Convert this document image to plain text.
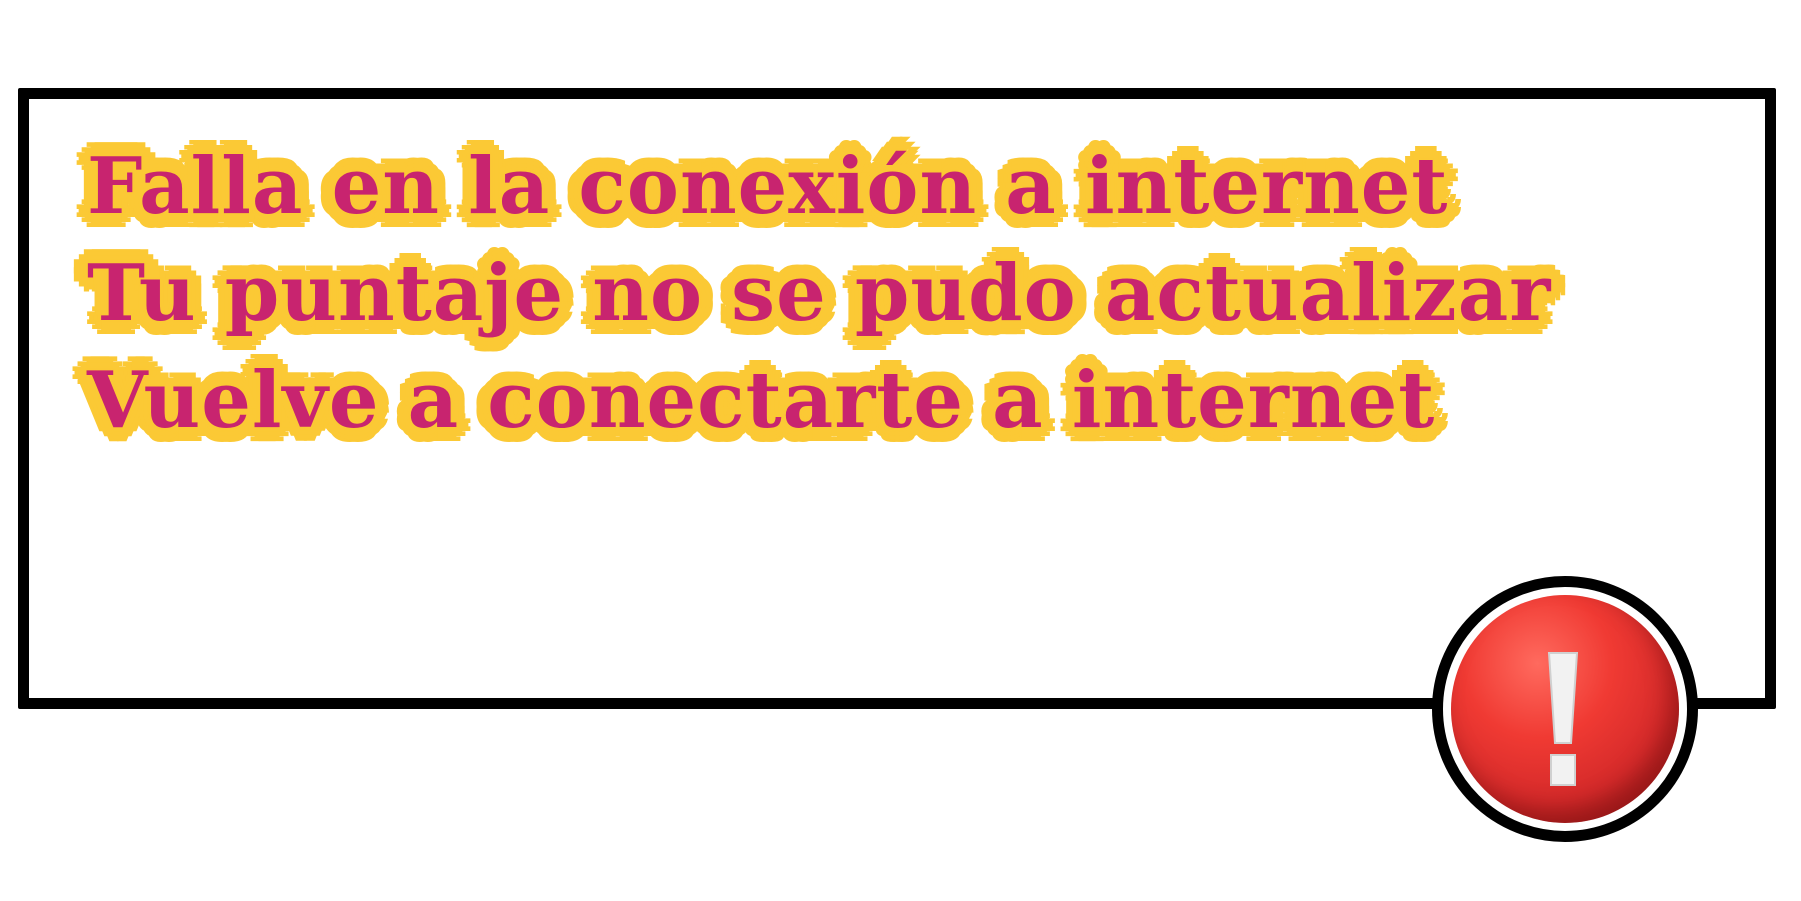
Falla en la conexión a internet
Tu puntaje no se pudo actualizar
Vuelve a conectarte a internet
